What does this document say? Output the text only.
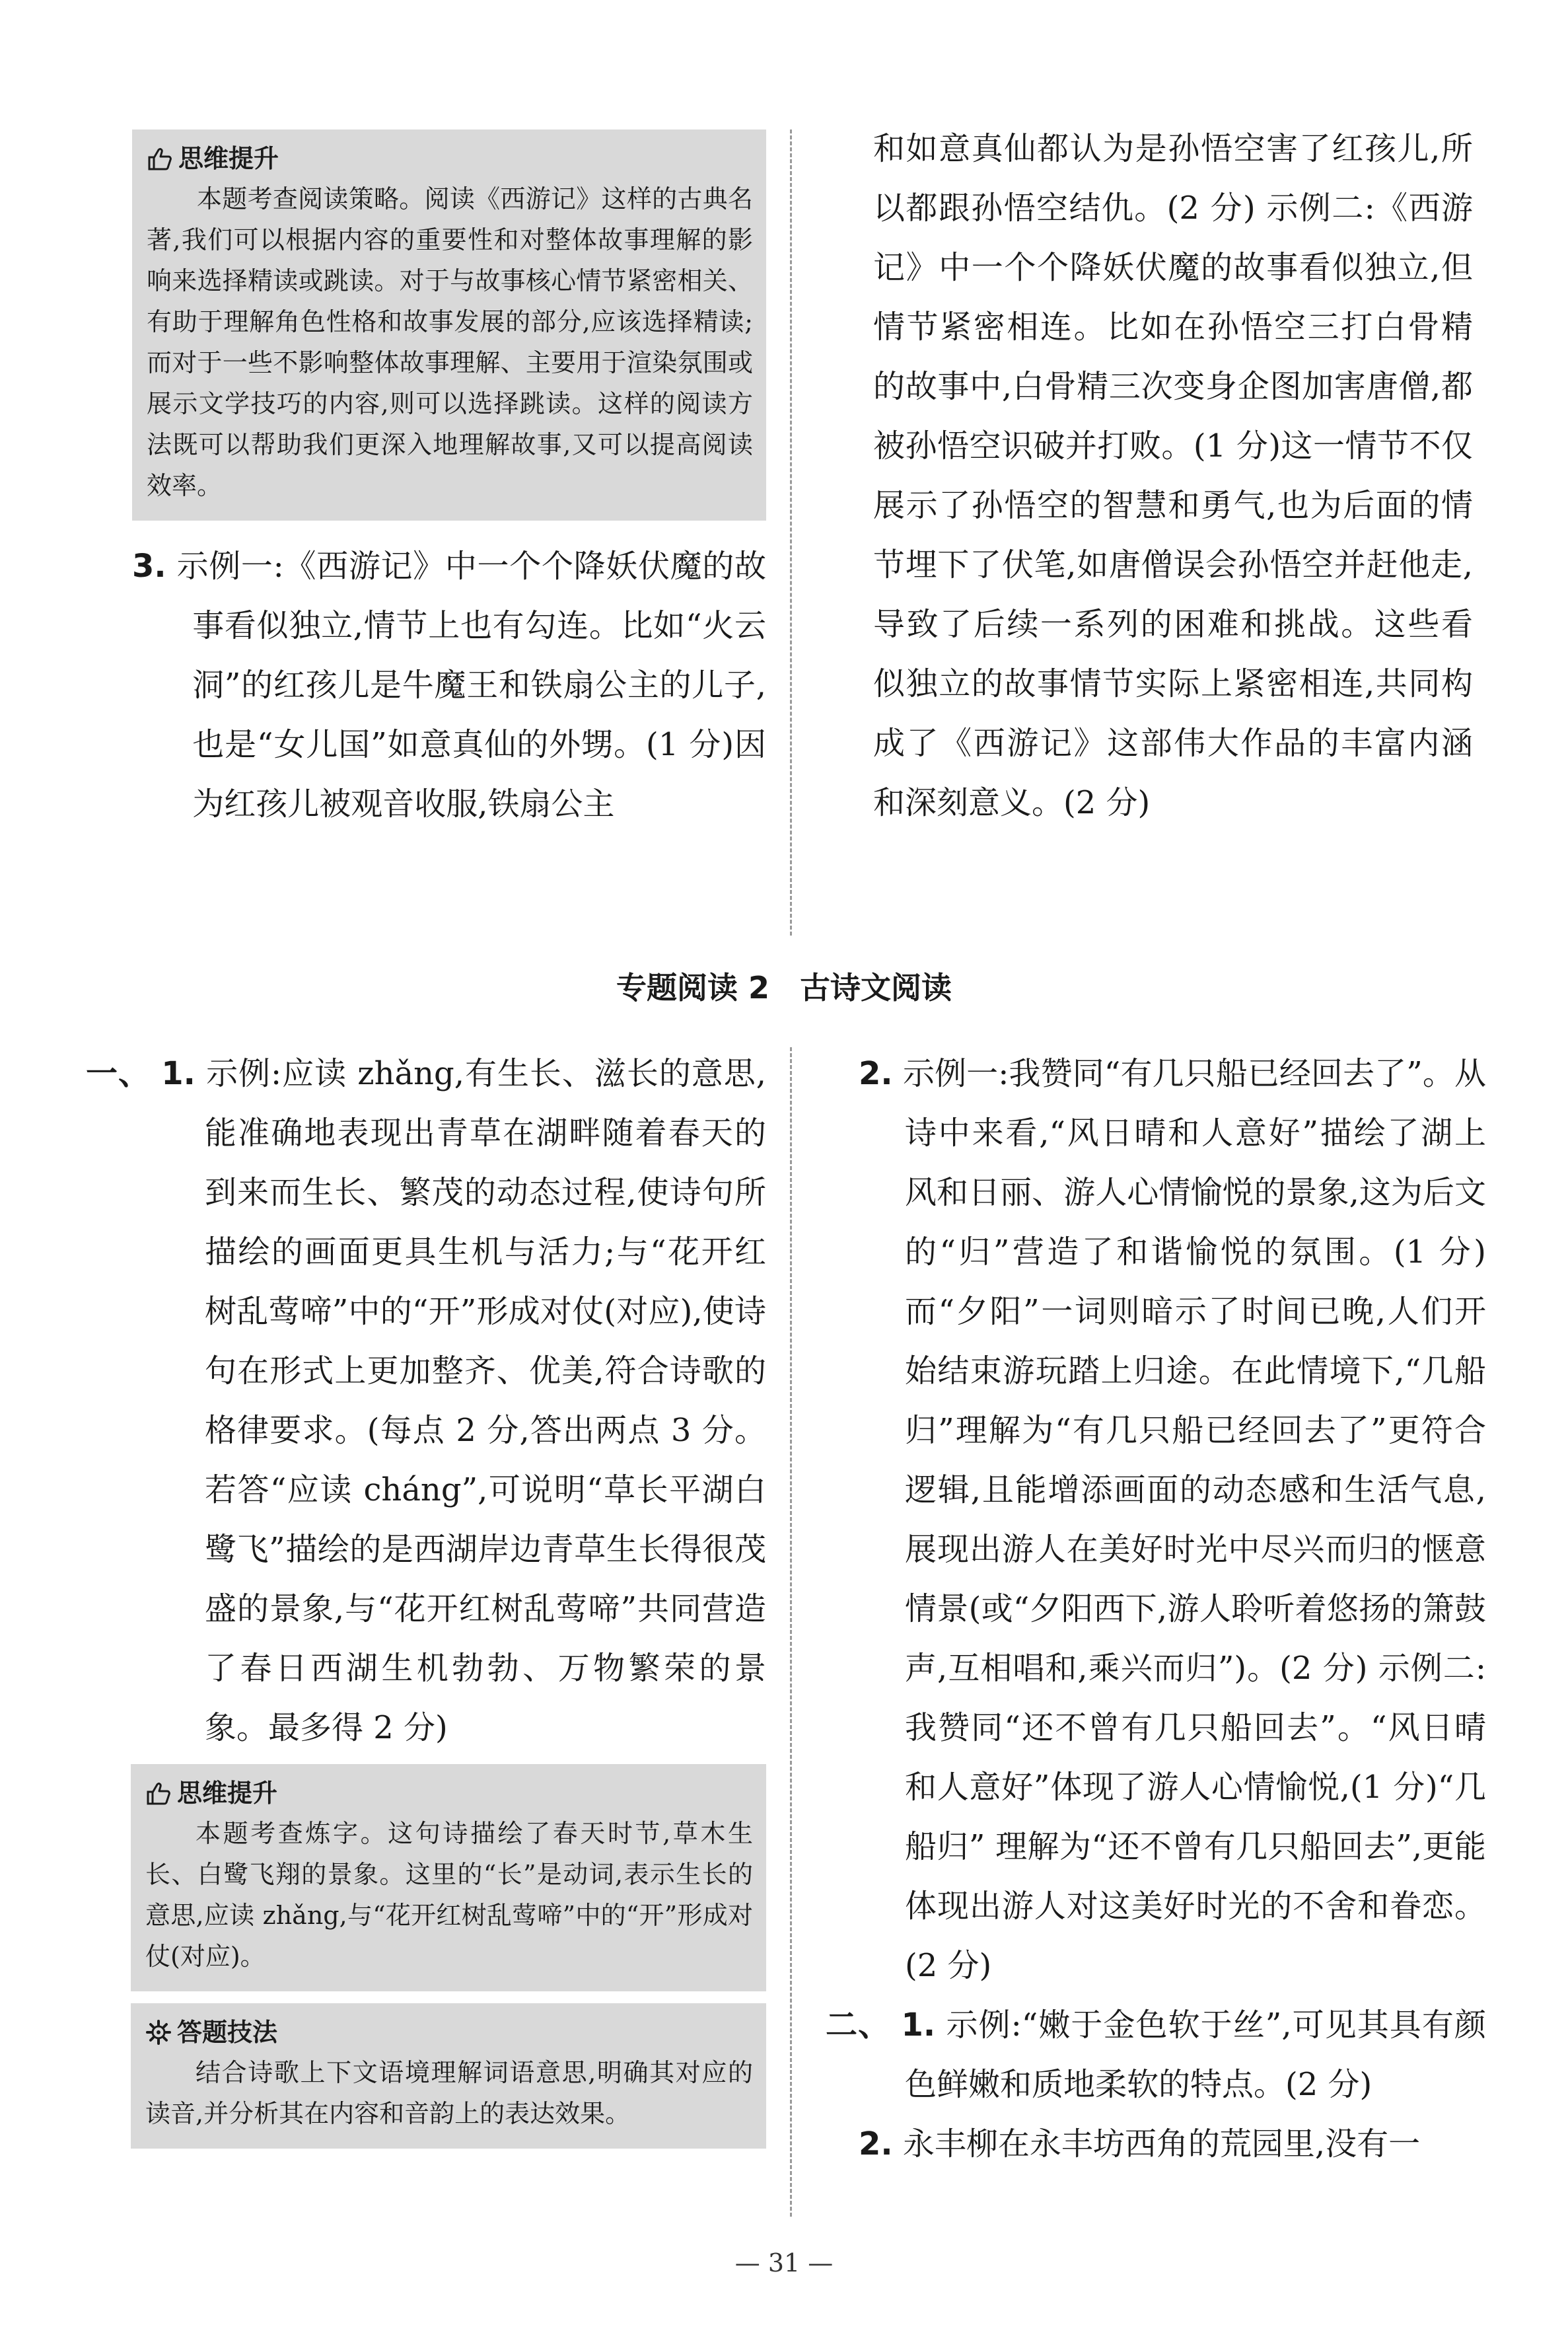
思维提升

本题考查阅读策略。阅读《西游记》这样的古典名著,我们可以根据内容的重要性和对整体故事理解的影响来选择精读或跳读。对于与故事核心情节紧密相关、有助于理解角色性格和故事发展的部分,应该选择精读;而对于一些不影响整体故事理解、主要用于渲染氛围或展示文学技巧的内容,则可以选择跳读。这样的阅读方法既可以帮助我们更深入地理解故事,又可以提高阅读效率。

3. 示例一:《西游记》中一个个降妖伏魔的故事看似独立,情节上也有勾连。比如“火云洞”的红孩儿是牛魔王和铁扇公主的儿子,也是“女儿国”如意真仙的外甥。(1 分)因为红孩儿被观音收服,铁扇公主

和如意真仙都认为是孙悟空害了红孩儿,所以都跟孙悟空结仇。(2 分) 示例二:《西游记》中一个个降妖伏魔的故事看似独立,但情节紧密相连。比如在孙悟空三打白骨精的故事中,白骨精三次变身企图加害唐僧,都被孙悟空识破并打败。(1 分)这一情节不仅展示了孙悟空的智慧和勇气,也为后面的情节埋下了伏笔,如唐僧误会孙悟空并赶他走,导致了后续一系列的困难和挑战。这些看似独立的故事情节实际上紧密相连,共同构成了《西游记》这部伟大作品的丰富内涵和深刻意义。(2 分)

专题阅读 2　古诗文阅读

一、 1. 示例:应读 zhǎng,有生长、滋长的意思,能准确地表现出青草在湖畔随着春天的到来而生长、繁茂的动态过程,使诗句所描绘的画面更具生机与活力;与“花开红树乱莺啼”中的“开”形成对仗(对应),使诗句在形式上更加整齐、优美,符合诗歌的格律要求。(每点 2 分,答出两点 3 分。若答“应读 cháng”,可说明“草长平湖白鹭飞”描绘的是西湖岸边青草生长得很茂盛的景象,与“花开红树乱莺啼”共同营造了春日西湖生机勃勃、万物繁荣的景象。最多得 2 分)

思维提升

本题考查炼字。这句诗描绘了春天时节,草木生长、白鹭飞翔的景象。这里的“长”是动词,表示生长的意思,应读 zhǎng,与“花开红树乱莺啼”中的“开”形成对仗(对应)。

答题技法

结合诗歌上下文语境理解词语意思,明确其对应的读音,并分析其在内容和音韵上的表达效果。

2. 示例一:我赞同“有几只船已经回去了”。从诗中来看,“风日晴和人意好”描绘了湖上风和日丽、游人心情愉悦的景象,这为后文的“归”营造了和谐愉悦的氛围。(1 分)而“夕阳”一词则暗示了时间已晚,人们开始结束游玩踏上归途。在此情境下,“几船归”理解为“有几只船已经回去了”更符合逻辑,且能增添画面的动态感和生活气息,展现出游人在美好时光中尽兴而归的惬意情景(或“夕阳西下,游人聆听着悠扬的箫鼓声,互相唱和,乘兴而归”)。(2 分) 示例二:我赞同“还不曾有几只船回去”。“风日晴和人意好”体现了游人心情愉悦,(1 分)“几船归” 理解为“还不曾有几只船回去”,更能体现出游人对这美好时光的不舍和眷恋。(2 分)

二、 1. 示例:“嫩于金色软于丝”,可见其具有颜色鲜嫩和质地柔软的特点。(2 分)

2. 永丰柳在永丰坊西角的荒园里,没有一

— 31 —
